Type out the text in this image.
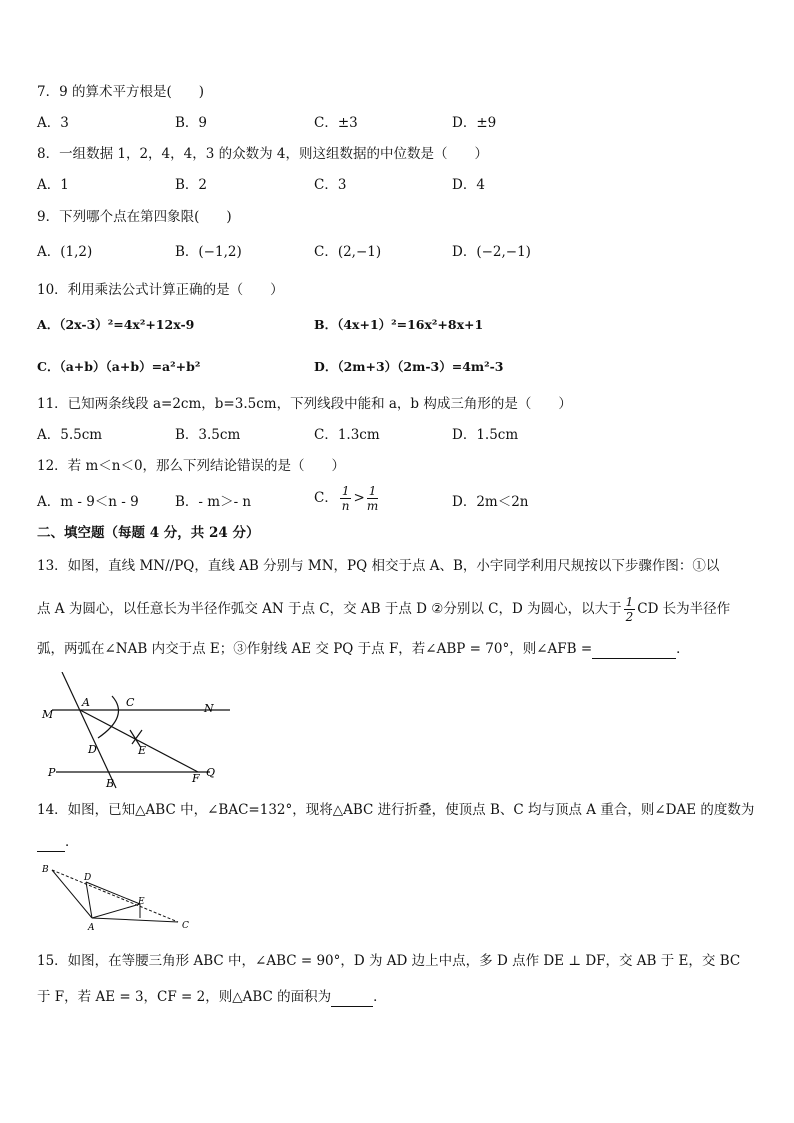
7．9 的算术平方根是(　　)
A．3	B．9	C．±3	D．±9
8．一组数据 1，2，4，4，3 的众数为 4，则这组数据的中位数是（　　）
A．1	B．2	C．3	D．4
9．下列哪个点在第四象限(　　)
A．(1,2)	B．(−1,2)	C．(2,−1)	D．(−2,−1)
10．利用乘法公式计算正确的是（　　）
A．（2x-3）²=4x²+12x-9	B．（4x+1）²=16x²+8x+1
C．（a+b）（a+b）=a²+b²	D．（2m+3）（2m-3）=4m²-3
11．已知两条线段 a=2cm，b=3.5cm，下列线段中能和 a，b 构成三角形的是（　　）
A．5.5cm	B．3.5cm	C．1.3cm	D．1.5cm
12．若 m＜n＜0，那么下列结论错误的是（　　）
A．m - 9＜n - 9	B．- m＞- n	C． $\frac{1}{n} > \frac{1}{m}$	D．2m＜2n
二、填空题（每题 4 分，共 24 分）
13．如图，直线 MN//PQ，直线 AB 分别与 MN，PQ 相交于点 A、B，小宇同学利用尺规按以下步骤作图：①以
点 A 为圆心，以任意长为半径作弧交 AN 于点 C，交 AB 于点 D ②分别以 C，D 为圆心，以大于 $\frac{1}{2}$ CD 长为半径作
弧，两弧在∠NAB 内交于点 E；③作射线 AE 交 PQ 于点 F，若∠ABP = 70°，则∠AFB =	．
A	C	N
M
D	E
P
B	F Q
14．如图，已知△ABC 中，∠BAC=132°，现将△ABC 进行折叠，使顶点 B、C 均与顶点 A 重合，则∠DAE 的度数为
．
B
D
E
A	C
15．如图，在等腰三角形 ABC 中，∠ABC = 90°，D 为 AD 边上中点，多 D 点作 DE ⊥ DF，交 AB 于 E，交 BC
于 F，若 AE = 3，CF = 2，则△ABC 的面积为	．
